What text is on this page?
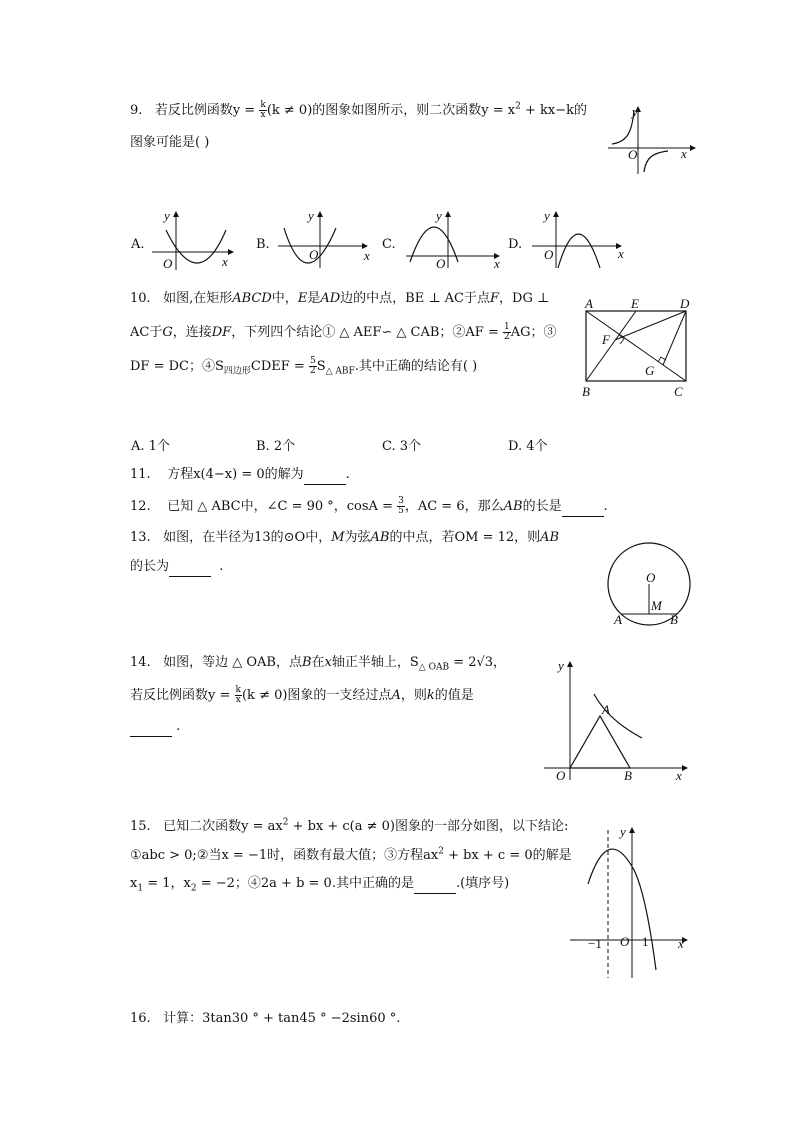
9. 若反比例函数$y = \frac{k}{x} (k \ne 0)$的图象如图所示，则二次函数$y = x^2 + kx-k$的
图象可能是( )
y
x
O
A.
y
x
O
B.
y
x
O
C.
y
x
O
D.
y
x
O
10. 如图,在矩形ABCD中，E是AD边的中点，BE ⊥ AC于点F，DG ⊥
AC于G，连接DF，下列四个结论① △ AEF∽ △ CAB；②AF = $\frac{1}{2}$ AG；③
DF = DC；$④S_{四边形}CDEF = \frac{5}{2} S_{\triangle ABF}$.其中正确的结论有( )
A	E	D
F
G
B	C
A. 1个	B. 2个	C. 3个	D. 4个
11. 方程x(4−x) = 0的解为	.
12. 已知 △ ABC中，∠C = 90 °，$\cos A = \frac{3}{5}$ ，AC = 6，那么AB的长是	.
13. 如图，在半径为13的⊙O中，M为弦AB的中点，若OM = 12，则AB
的长为	.
O
M
A	B
14. 如图，等边 △ OAB，点B在x轴正半轴上，$S_{\triangle OAB} = 2√3$，
若反比例函数$y = \frac{k}{x} (k \ne 0)$图象的一支经过点A，则k的值是
.
y
x
O
A
B
15. 已知二次函数$y = ax^2$ + bx + c(a ≠ 0)图象的一部分如图，以下结论:
①abc > 0;②当x = −1时，函数有最大值；③方程$ax^2$ + bx + c = 0的解是
$x_1 = 1$，$x_2 = -2$；④2a + b = 0.其中正确的是	.(填序号)
y
x
O
−1	1
16. 计算：3tan30 ° + tan45 ° −2sin60 °.
